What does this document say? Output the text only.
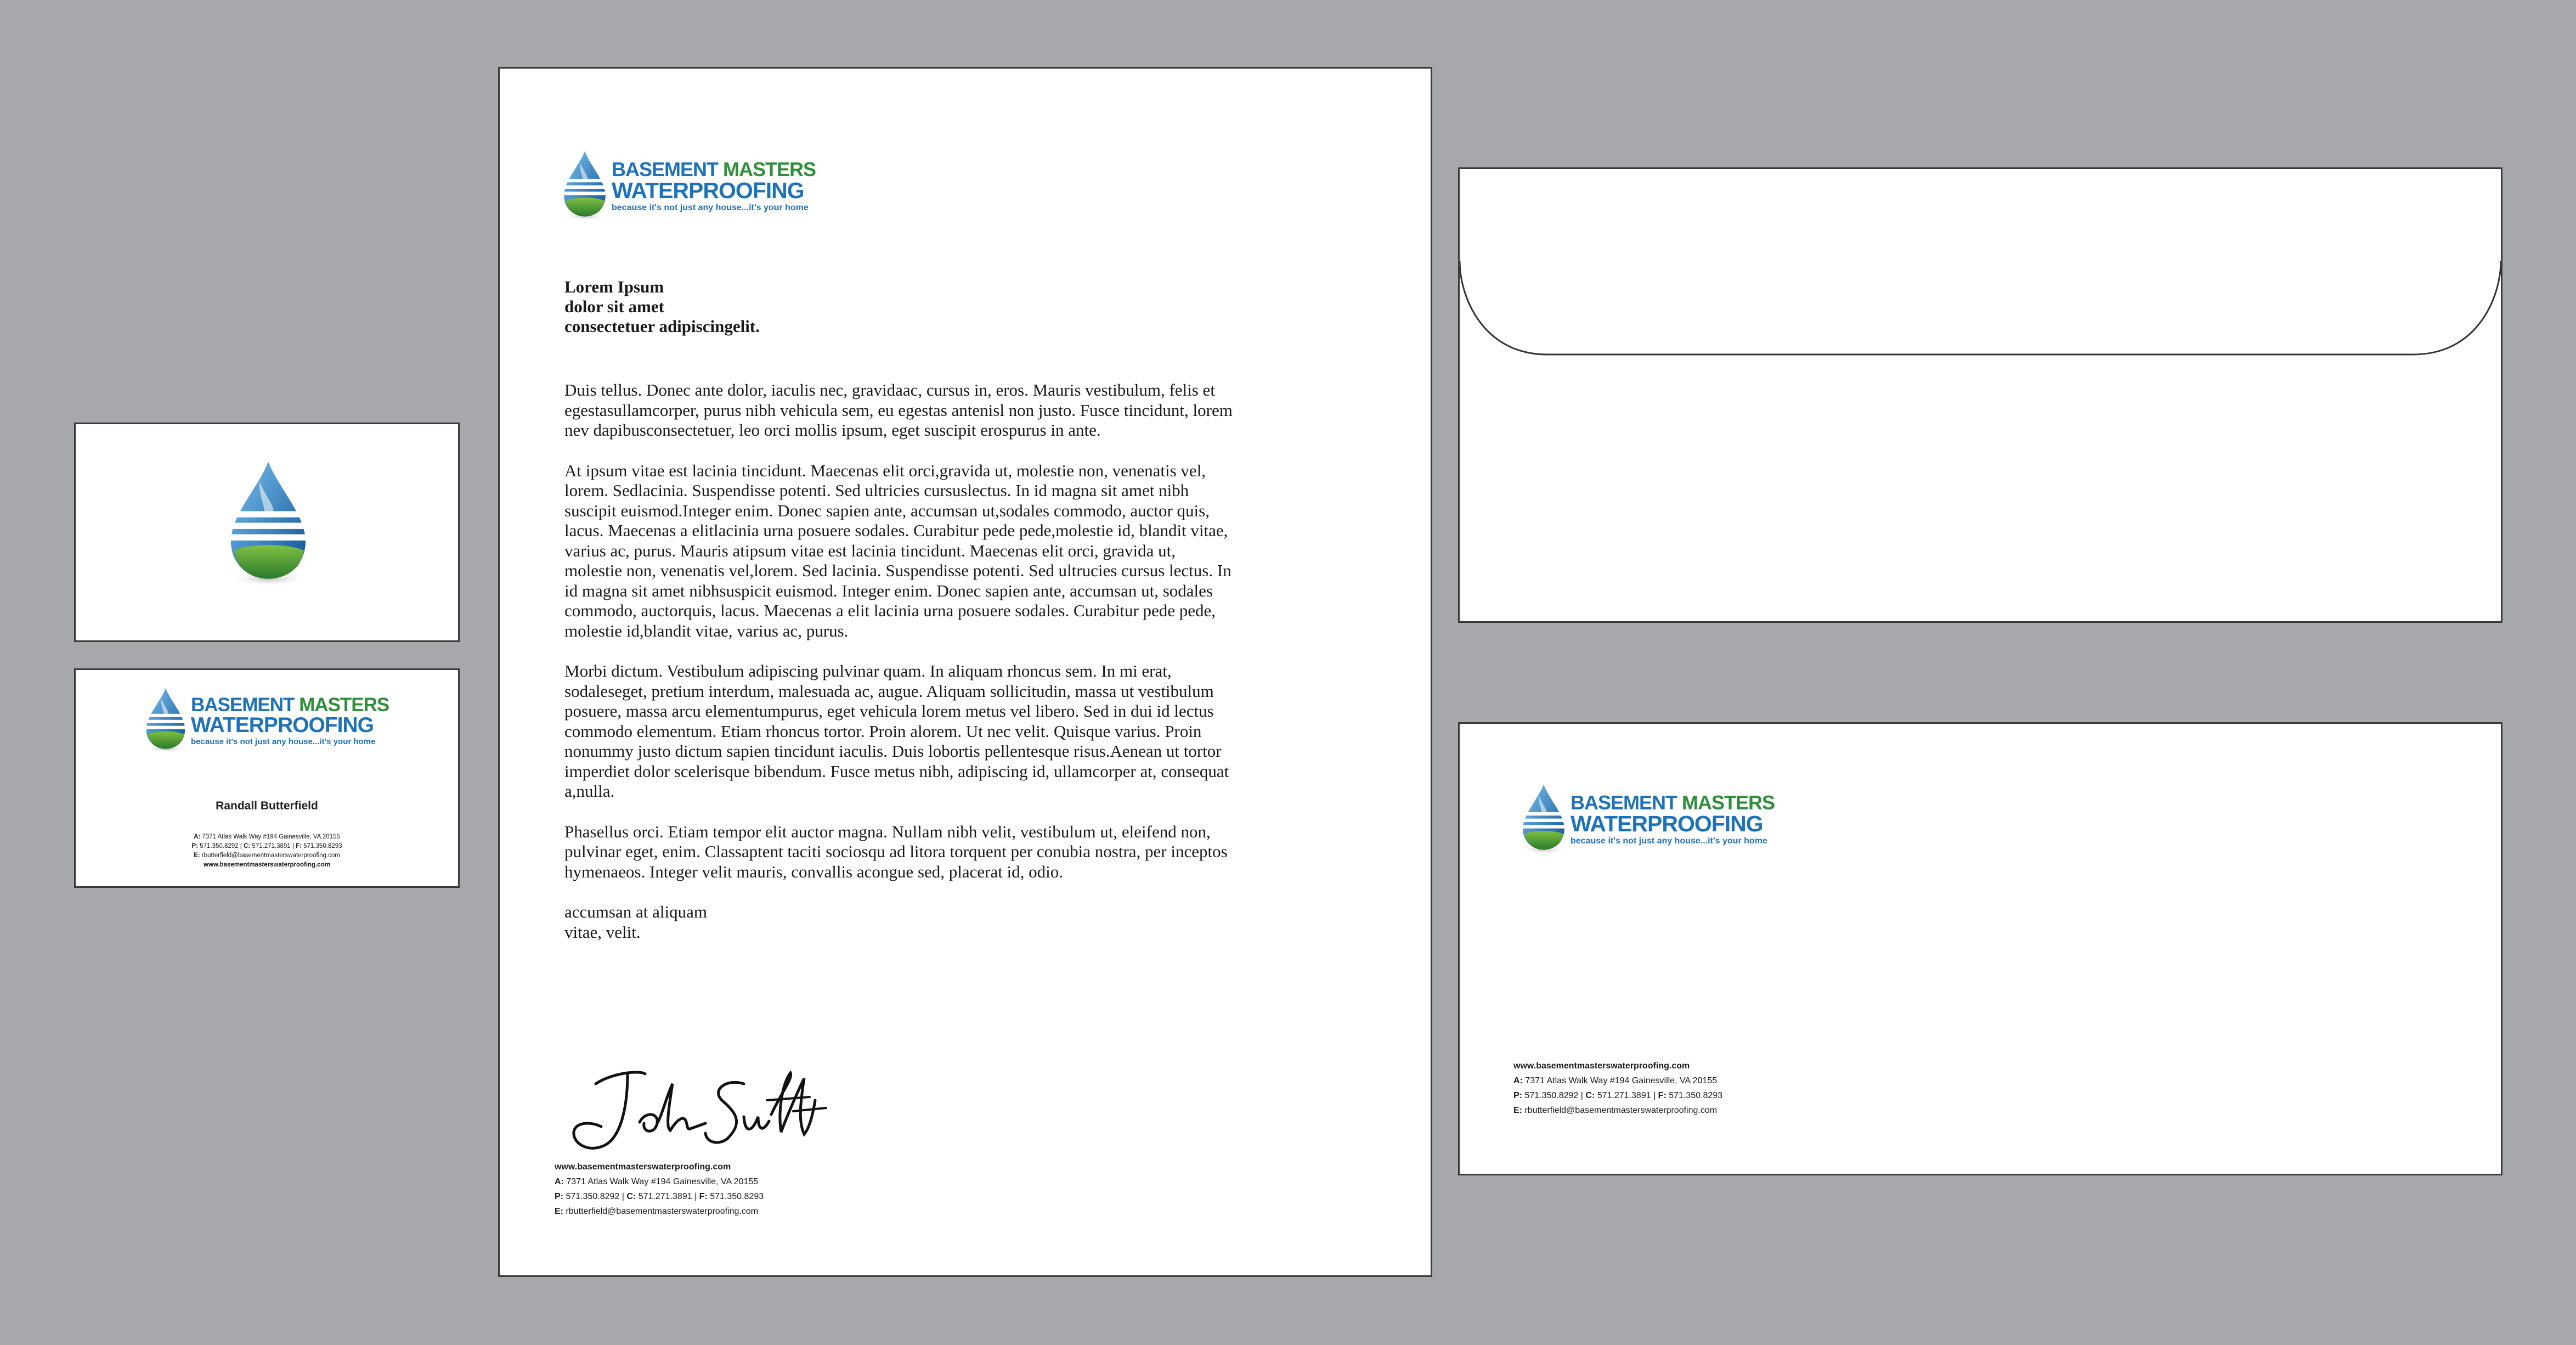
BASEMENT MASTERS
WATERPROOFING
because it's not just any house...it's your home
Randall Butterfield
A: 7371 Atlas Walk Way #194 Gainesville, VA 20155
P: 571.350.8292 | C: 571.271.3891 | F: 571.350.8293
E: rbutterfield@basementmasterswaterproofing.com
www.basementmasterswaterproofing.com
BASEMENT MASTERS
WATERPROOFING
because it's not just any house...it's your home
Lorem Ipsum
dolor sit amet
consectetuer adipiscingelit.

Duis tellus. Donec ante dolor, iaculis nec, gravidaac, cursus in, eros. Mauris vestibulum, felis et egestasullamcorper, purus nibh vehicula sem, eu egestas antenisl non justo. Fusce tincidunt, lorem nev dapibusconsectetuer, leo orci mollis ipsum, eget suscipit erospurus in ante.

At ipsum vitae est lacinia tincidunt. Maecenas elit orci,gravida ut, molestie non, venenatis vel, lorem. Sedlacinia. Suspendisse potenti. Sed ultricies cursuslectus. In id magna sit amet nibh suscipit euismod.Integer enim. Donec sapien ante, accumsan ut,sodales commodo, auctor quis, lacus. Maecenas a elitlacinia urna posuere sodales. Curabitur pede pede,molestie id, blandit vitae, varius ac, purus. Mauris atipsum vitae est lacinia tincidunt. Maecenas elit orci, gravida ut, molestie non, venenatis vel,lorem. Sed lacinia. Suspendisse potenti. Sed ultrucies cursus lectus. In id magna sit amet nibhsuspicit euismod. Integer enim. Donec sapien ante, accumsan ut, sodales commodo, auctorquis, lacus. Maecenas a elit lacinia urna posuere sodales. Curabitur pede pede, molestie id,blandit vitae, varius ac, purus.

Morbi dictum. Vestibulum adipiscing pulvinar quam. In aliquam rhoncus sem. In mi erat, sodaleseget, pretium interdum, malesuada ac, augue. Aliquam sollicitudin, massa ut vestibulum posuere, massa arcu elementumpurus, eget vehicula lorem metus vel libero. Sed in dui id lectus commodo elementum. Etiam rhoncus tortor. Proin alorem. Ut nec velit. Quisque varius. Proin nonummy justo dictum sapien tincidunt iaculis. Duis lobortis pellentesque risus.Aenean ut tortor imperdiet dolor scelerisque bibendum. Fusce metus nibh, adipiscing id, ullamcorper at, consequat a,nulla.

Phasellus orci. Etiam tempor elit auctor magna. Nullam nibh velit, vestibulum ut, eleifend non, pulvinar eget, enim. Classaptent taciti sociosqu ad litora torquent per conubia nostra, per inceptos hymenaeos. Integer velit mauris, convallis acongue sed, placerat id, odio.

accumsan at aliquam
vitae, velit.
www.basementmasterswaterproofing.com
A: 7371 Atlas Walk Way #194 Gainesville, VA 20155
P: 571.350.8292 | C: 571.271.3891 | F: 571.350.8293
E: rbutterfield@basementmasterswaterproofing.com
BASEMENT MASTERS
WATERPROOFING
because it's not just any house...it's your home
www.basementmasterswaterproofing.com
A: 7371 Atlas Walk Way #194 Gainesville, VA 20155
P: 571.350.8292 | C: 571.271.3891 | F: 571.350.8293
E: rbutterfield@basementmasterswaterproofing.com
